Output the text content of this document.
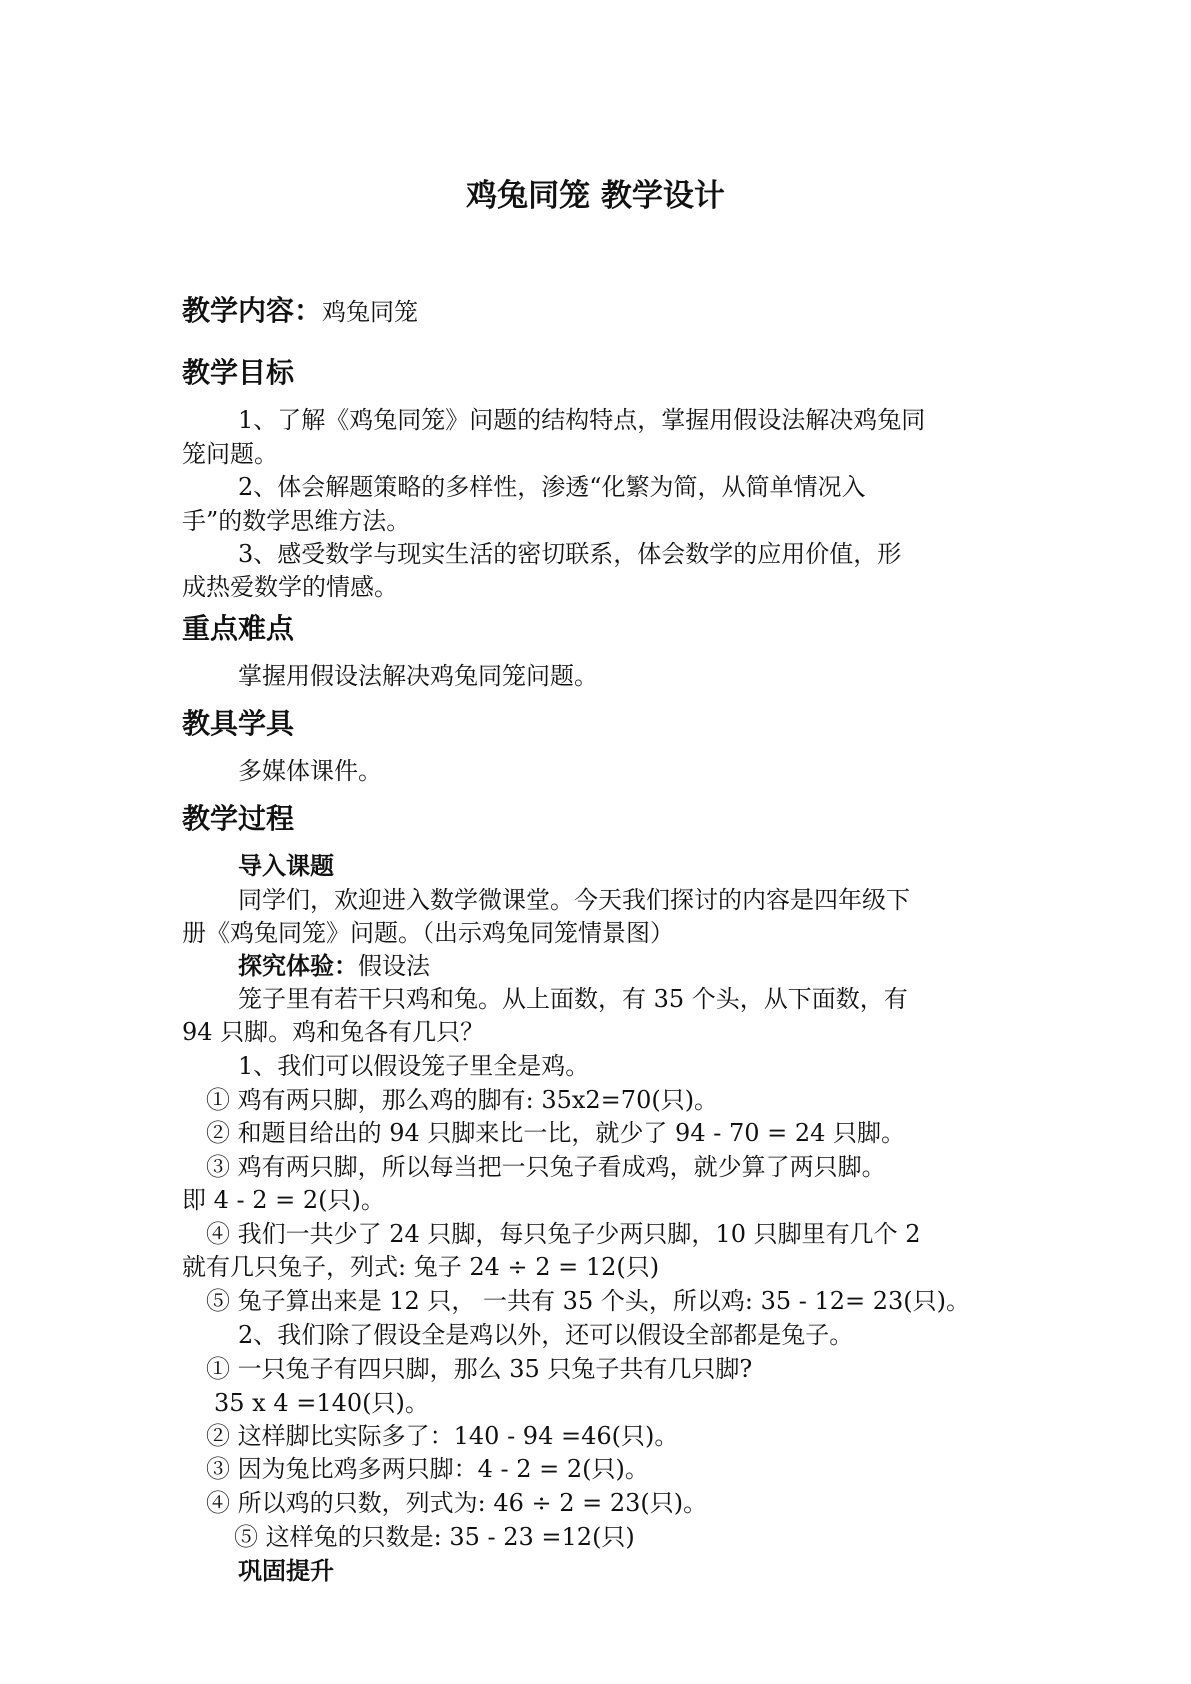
鸡兔同笼 教学设计
教学内容：鸡兔同笼
教学目标
1、了解《鸡兔同笼》问题的结构特点，掌握用假设法解决鸡兔同
笼问题。
2、体会解题策略的多样性，渗透“化繁为简，从简单情况入
手”的数学思维方法。
3、感受数学与现实生活的密切联系，体会数学的应用价值，形
成热爱数学的情感。
重点难点
掌握用假设法解决鸡兔同笼问题。
教具学具
多媒体课件。
教学过程
导入课题
同学们，欢迎进入数学微课堂。今天我们探讨的内容是四年级下
册《鸡兔同笼》问题。（出示鸡兔同笼情景图）
探究体验：假设法
笼子里有若干只鸡和兔。从上面数，有 35 个头，从下面数，有
94 只脚。鸡和兔各有几只？
1、我们可以假设笼子里全是鸡。
① 鸡有两只脚，那么鸡的脚有: 35x2=70(只)。
② 和题目给出的 94 只脚来比一比，就少了 94 - 70 = 24 只脚。
③ 鸡有两只脚，所以每当把一只兔子看成鸡，就少算了两只脚。
即 4 - 2 = 2(只)。
④ 我们一共少了 24 只脚，每只兔子少两只脚，10 只脚里有几个 2
就有几只兔子，列式: 兔子 24 ÷ 2 = 12(只)
⑤ 兔子算出来是 12 只， 一共有 35 个头，所以鸡: 35 - 12= 23(只)。
2、我们除了假设全是鸡以外，还可以假设全部都是兔子。
① 一只兔子有四只脚，那么 35 只兔子共有几只脚?
35 x 4 =140(只)。
② 这样脚比实际多了：140 - 94 =46(只)。
③ 因为兔比鸡多两只脚：4 - 2 = 2(只)。
④ 所以鸡的只数，列式为: 46 ÷ 2 = 23(只)。
⑤ 这样兔的只数是: 35 - 23 =12(只)
巩固提升
